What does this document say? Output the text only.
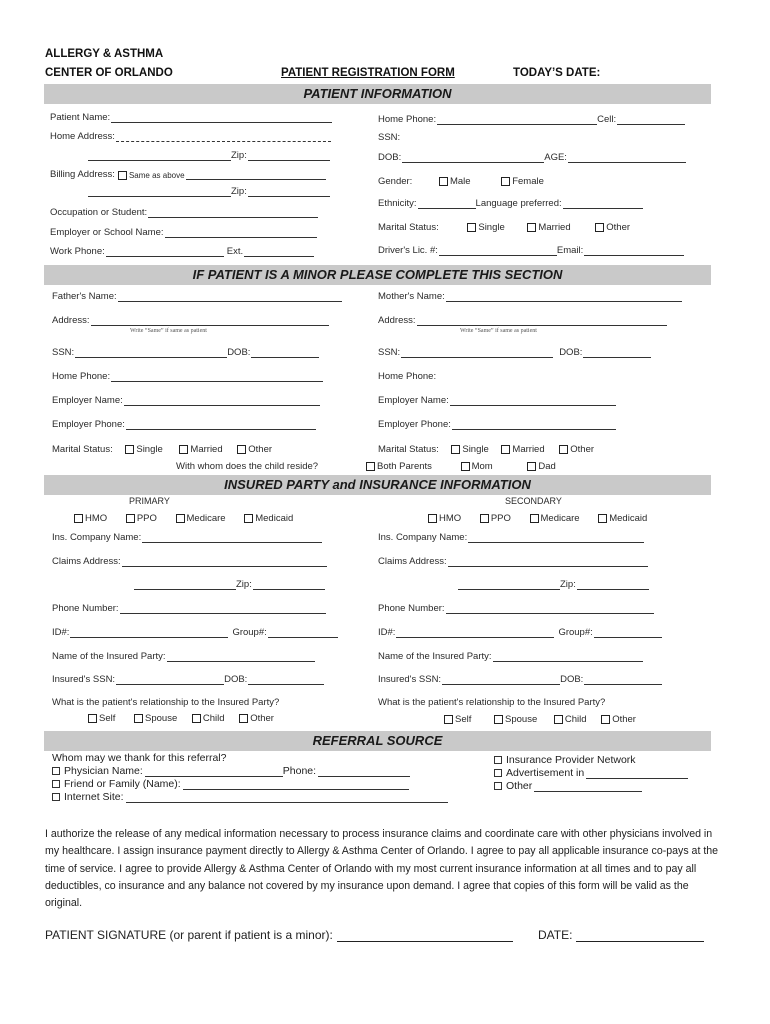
ALLERGY & ASTHMA
CENTER OF ORLANDO	PATIENT REGISTRATION FORM	TODAY’S DATE:
PATIENT INFORMATION
Patient Name:
Home Address:
Zip:
Billing Address: Same as above
Zip:
Occupation or Student:
Employer or School Name:
Work Phone:	Ext.
Home Phone:	Cell:
SSN:
DOB:	AGE:
Gender:	Male	Female
Ethnicity:	Language preferred:
Marital Status:	Single	Married	Other
Driver's Lic. #:	Email:
IF PATIENT IS A MINOR PLEASE COMPLETE THIS SECTION
Father's Name:
Address:
Write “Same” if same as patient
SSN:	DOB:
Home Phone:
Employer Name:
Employer Phone:
Marital Status: Single	Married	Other
With whom does the child reside?
Mother's Name:
Address:
Write “Same” if same as patient
SSN:	DOB:
Home Phone:
Employer Name:
Employer Phone:
Marital Status: Single Married	Other
Both Parents	Mom	Dad
INSURED PARTY and INSURANCE INFORMATION
PRIMARY	SECONDARY
HMO	PPO	Medicare	Medicaid	HMO	PPO	Medicare	Medicaid
Ins. Company Name:
Claims Address:
Zip:
Phone Number:
ID#:	Group#:
Name of the Insured Party:
Insured's SSN:	DOB:
What is the patient's relationship to the Insured Party?
Self	Spouse	Child	Other
Ins. Company Name:
Claims Address:
Zip:
Phone Number:
ID#:	Group#:
Name of the Insured Party:
Insured's SSN:	DOB:
What is the patient's relationship to the Insured Party?
Self	Spouse	Child	Other
REFERRAL SOURCE
Whom may we thank for this referral?
Physician Name:	Phone:
Friend or Family (Name):
Internet Site:
Insurance Provider Network
Advertisement in
Other
I authorize the release of any medical information necessary to process insurance claims and coordinate care with other physicians involved in my healthcare. I assign insurance payment directly to Allergy & Asthma Center of Orlando. I agree to pay all applicable insurance co-pays at the time of service. I agree to provide Allergy & Asthma Center of Orlando with my most current insurance information at all times and to pay all deductibles, co insurance and any balance not covered by my insurance upon demand. I agree that copies of this form will be valid as the original.
PATIENT SIGNATURE (or parent if patient is a minor):	DATE:
